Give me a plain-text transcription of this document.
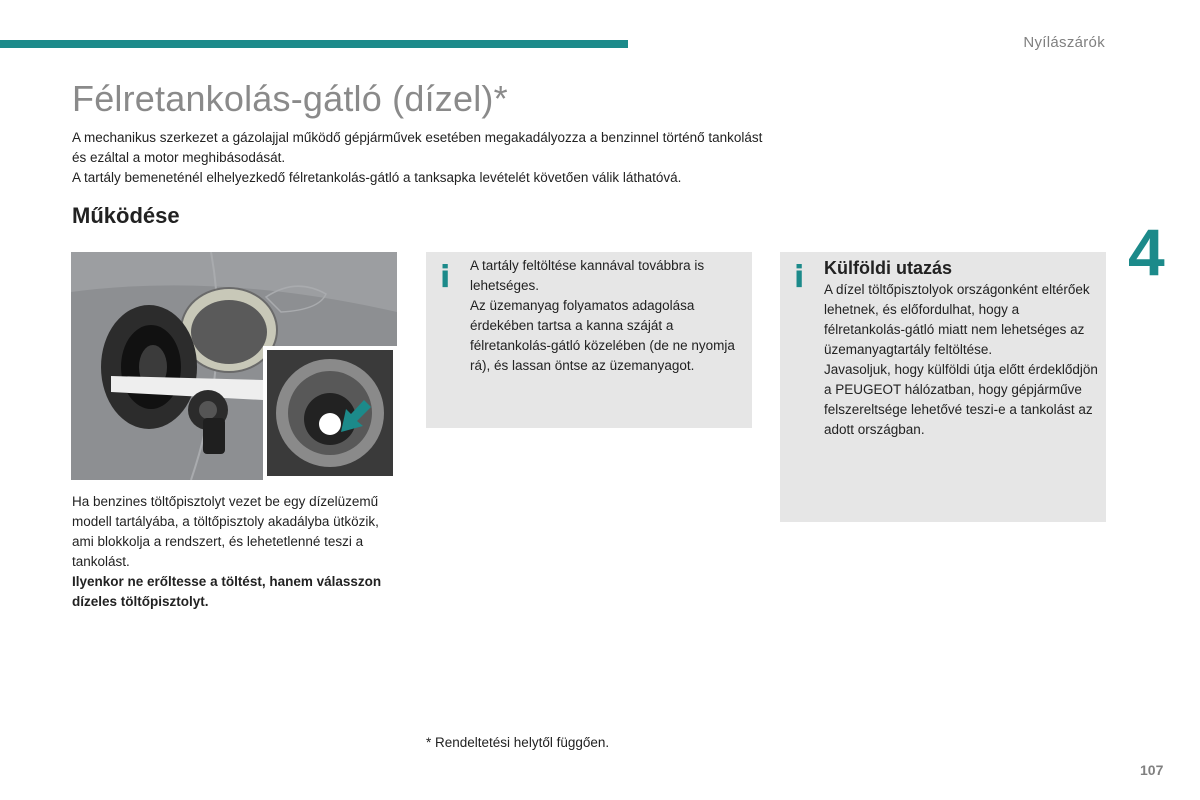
Nyílászárók
Félretankolás-gátló (dízel)*

A mechanikus szerkezet a gázolajjal működő gépjárművek esetében megakadályozza a benzinnel történő tankolást és ezáltal a motor meghibásodását.

A tartály bemeneténél elhelyezkedő félretankolás-gátló a tanksapka levételét követően válik láthatóvá.

Működése	4

Ha benzines töltőpisztolyt vezet be egy dízelüzemű modell tartályába, a töltőpisztoly akadályba ütközik, ami blokkolja a rendszert, és lehetetlenné teszi a tankolást.

Ilyenkor ne erőltesse a töltést, hanem válasszon dízeles töltőpisztolyt.

i A tartály feltöltése kannával továbbra is lehetséges.

Az üzemanyag folyamatos adagolása érdekében tartsa a kanna száját a félretankolás-gátló közelében (de ne nyomja rá), és lassan öntse az üzemanyagot.

i Külföldi utazás

A dízel töltőpisztolyok országonként eltérőek lehetnek, és előfordulhat, hogy a félretankolás-gátló miatt nem lehetséges az üzemanyagtartály feltöltése.

Javasoljuk, hogy külföldi útja előtt érdeklődjön a PEUGEOT hálózatban, hogy gépjárműve felszereltsége lehetővé teszi-e a tankolást az adott országban.

* Rendeltetési helytől függően.
107
